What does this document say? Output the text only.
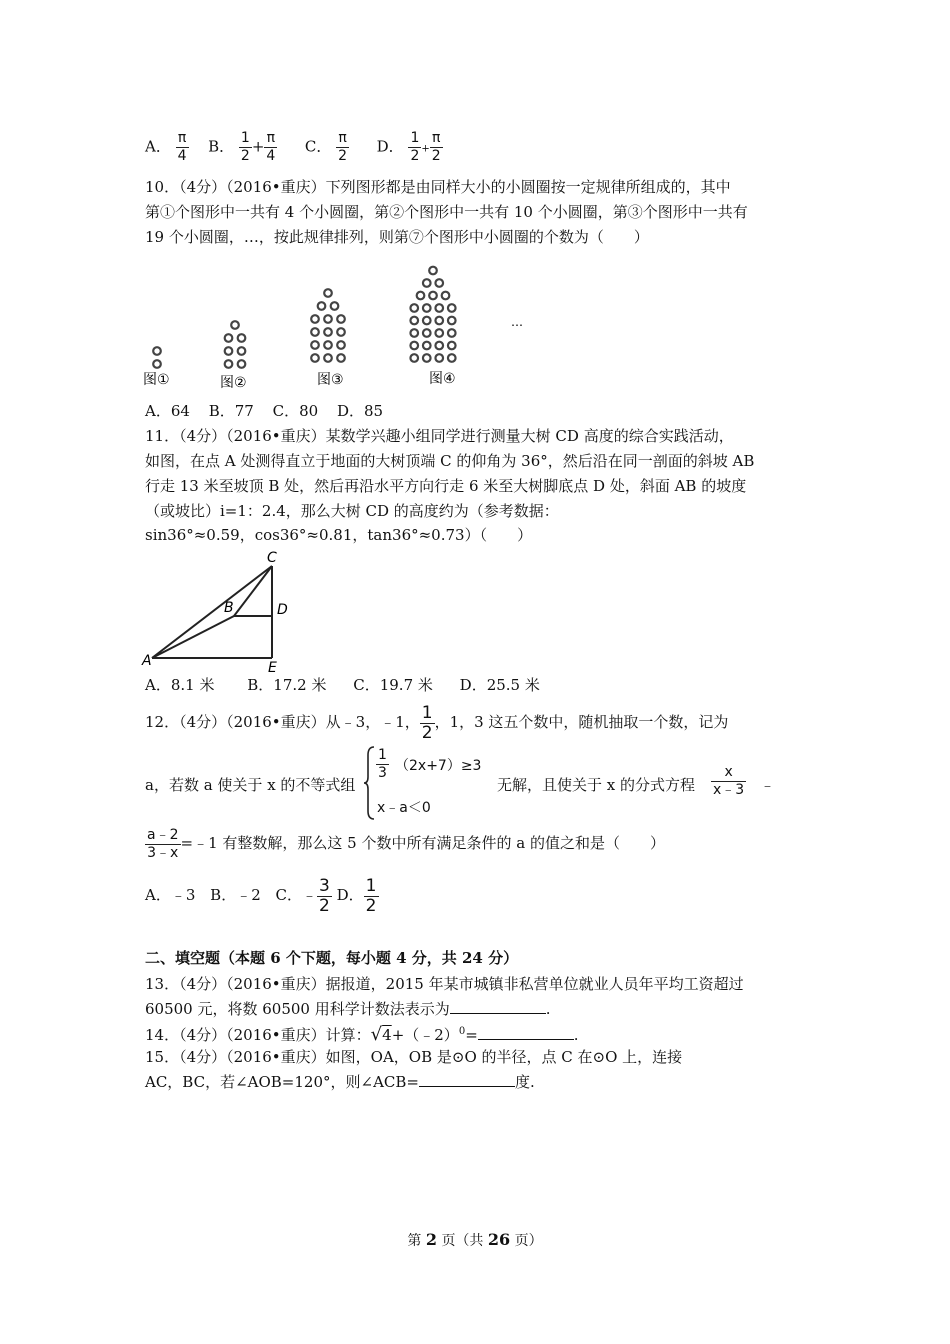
A． $\frac{\pi}{4}$ B． $\frac{1}{2} + \frac{\pi}{4}$ C． $\frac{\pi}{2}$ D． $\frac{1}{2} + \frac{\pi}{2}$
10．（4分）（2016•重庆）下列图形都是由同样大小的小圆圈按一定规律所组成的，其中
第①个图形中一共有 4 个小圆圈，第②个图形中一共有 10 个小圆圈，第③个图形中一共有
19 个小圆圈，…，按此规律排列，则第⑦个图形中小圆圈的个数为（　　）
图①	图②	图③	图④
…
A．64 B．77 C．80 D．85
11．（4分）（2016•重庆）某数学兴趣小组同学进行测量大树 CD 高度的综合实践活动，
如图，在点 A 处测得直立于地面的大树顶端 C 的仰角为 36°，然后沿在同一剖面的斜坡 AB
行走 13 米至坡顶 B 处，然后再沿水平方向行走 6 米至大树脚底点 D 处，斜面 AB 的坡度
（或坡比）i=1：2.4，那么大树 CD 的高度约为（参考数据：
sin36°≈0.59，cos36°≈0.81，tan36°≈0.73）（　　）
C
B	D
A	E
A．8.1 米 B．17.2 米 C．19.7 米 D．25.5 米
12．（4分）（2016•重庆）从﹣3，﹣1， $\frac{1}{2}$ ，1，3 这五个数中，随机抽取一个数，记为
a，若数 a 使关于 x 的不等式组
$\frac{1}{3} (2x+7)\ge 3$
x﹣a＜0
无解，且使关于 x 的分式方程 $\frac{x}{x﹣3}$ ﹣
$\frac{a﹣2}{3﹣x}$ =﹣1 有整数解，那么这 5 个数中所有满足条件的 a 的值之和是（　　）
A．﹣3 B．﹣2 C．﹣ $\frac{3}{2}$ D． $\frac{1}{2}$
二、填空题（本题 6 个下题，每小题 4 分，共 24 分）
13．（4分）（2016•重庆）据报道，2015 年某市城镇非私营单位就业人员年平均工资超过
60500 元，将数 60500 用科学计数法表示为	.
14．（4分）（2016•重庆）计算：√4+（﹣2）$^0$=	.
15．（4分）（2016•重庆）如图，OA，OB 是⊙O 的半径，点 C 在⊙O 上，连接
AC，BC，若∠AOB=120°，则∠ACB=	度.
第 2 页（共 26 页）
